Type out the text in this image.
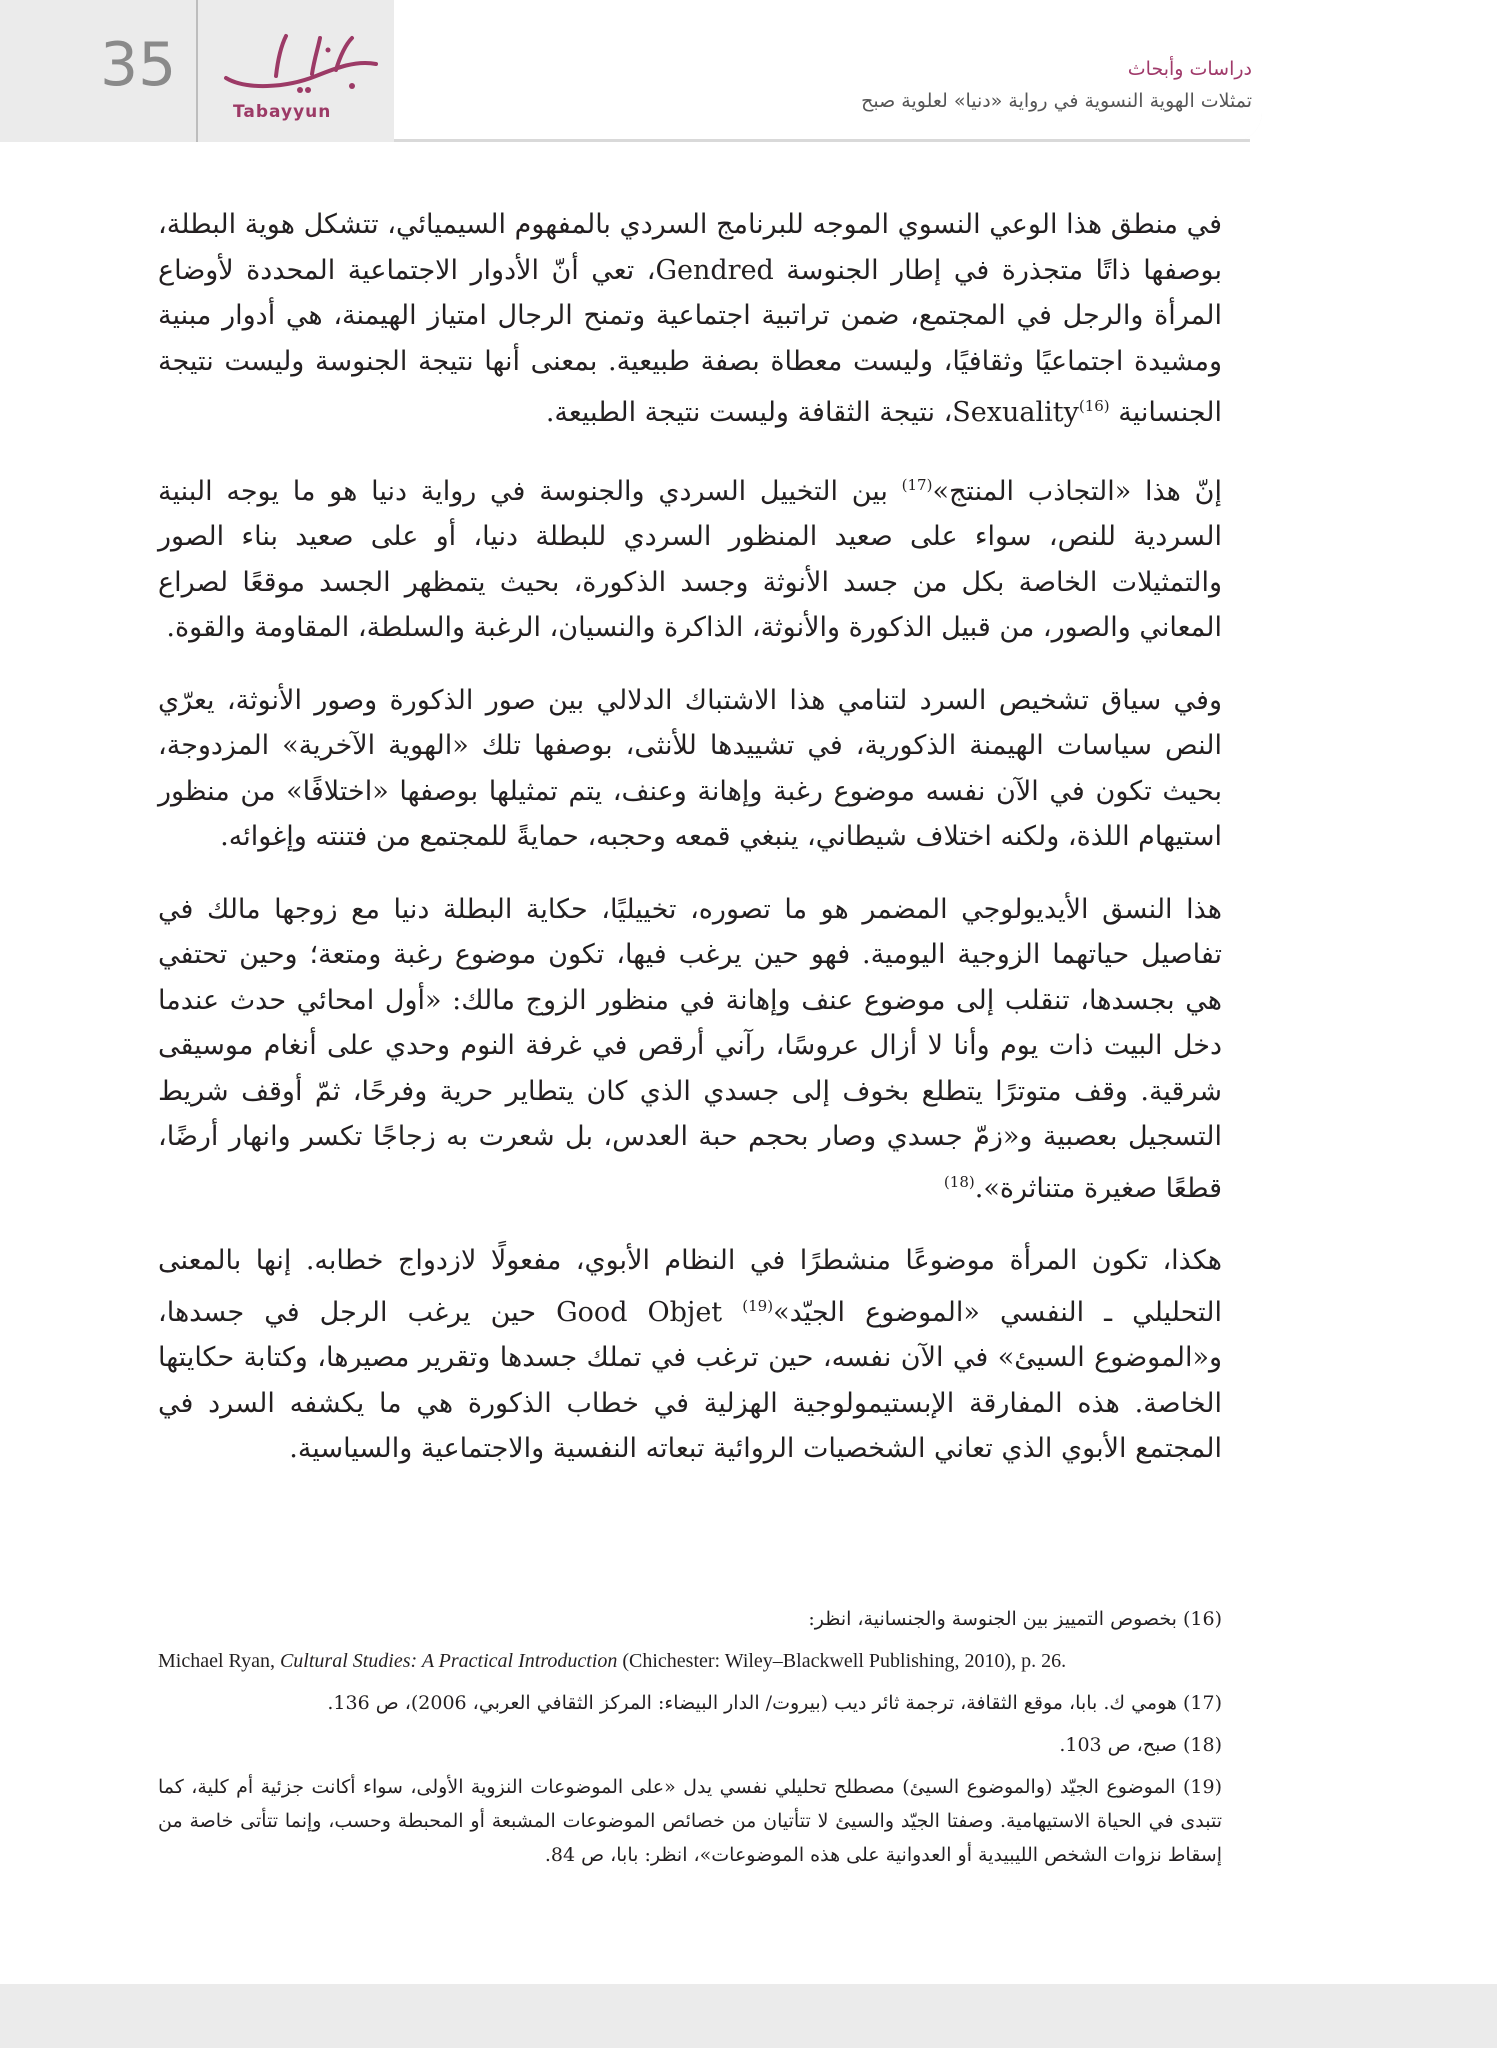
35
Tabayyun
دراسات وأبحاث
تمثلات الهوية النسوية في رواية «دنيا» لعلوية صبح

في منطق هذا الوعي النسوي الموجه للبرنامج السردي بالمفهوم السيميائي، تتشكل هوية البطلة، بوصفها ذاتًا متجذرة في إطار الجنوسة Gendred، تعي أنّ الأدوار الاجتماعية المحددة لأوضاع المرأة والرجل في المجتمع، ضمن تراتبية اجتماعية وتمنح الرجال امتياز الهيمنة، هي أدوار مبنية ومشيدة اجتماعيًا وثقافيًا، وليست معطاة بصفة طبيعية. بمعنى أنها نتيجة الجنوسة وليست نتيجة الجنسانية Sexuality$^{(16)}$، نتيجة الثقافة وليست نتيجة الطبيعة.

إنّ هذا «التجاذب المنتج»$^{(17)}$ بين التخييل السردي والجنوسة في رواية دنيا هو ما يوجه البنية السردية للنص، سواء على صعيد المنظور السردي للبطلة دنيا، أو على صعيد بناء الصور والتمثيلات الخاصة بكل من جسد الأنوثة وجسد الذكورة، بحيث يتمظهر الجسد موقعًا لصراع المعاني والصور، من قبيل الذكورة والأنوثة، الذاكرة والنسيان، الرغبة والسلطة، المقاومة والقوة.

وفي سياق تشخيص السرد لتنامي هذا الاشتباك الدلالي بين صور الذكورة وصور الأنوثة، يعرّي النص سياسات الهيمنة الذكورية، في تشييدها للأنثى، بوصفها تلك «الهوية الآخرية» المزدوجة، بحيث تكون في الآن نفسه موضوع رغبة وإهانة وعنف، يتم تمثيلها بوصفها «اختلافًا» من منظور استيهام اللذة، ولكنه اختلاف شيطاني، ينبغي قمعه وحجبه، حمايةً للمجتمع من فتنته وإغوائه.

هذا النسق الأيديولوجي المضمر هو ما تصوره، تخييليًا، حكاية البطلة دنيا مع زوجها مالك في تفاصيل حياتهما الزوجية اليومية. فهو حين يرغب فيها، تكون موضوع رغبة ومتعة؛ وحين تحتفي هي بجسدها، تنقلب إلى موضوع عنف وإهانة في منظور الزوج مالك: «أول امحائي حدث عندما دخل البيت ذات يوم وأنا لا أزال عروسًا، رآني أرقص في غرفة النوم وحدي على أنغام موسيقى شرقية. وقف متوترًا يتطلع بخوف إلى جسدي الذي كان يتطاير حرية وفرحًا، ثمّ أوقف شريط التسجيل بعصبية و«زمّ جسدي وصار بحجم حبة العدس، بل شعرت به زجاجًا تكسر وانهار أرضًا، قطعًا صغيرة متناثرة».$^{(18)}$

هكذا، تكون المرأة موضوعًا منشطرًا في النظام الأبوي، مفعولًا لازدواج خطابه. إنها بالمعنى التحليلي ـ النفسي «الموضوع الجيّد»$^{(19)}$ Good Objet حين يرغب الرجل في جسدها، و«الموضوع السيئ» في الآن نفسه، حين ترغب في تملك جسدها وتقرير مصيرها، وكتابة حكايتها الخاصة. هذه المفارقة الإبستيمولوجية الهزلية في خطاب الذكورة هي ما يكشفه السرد في المجتمع الأبوي الذي تعاني الشخصيات الروائية تبعاته النفسية والاجتماعية والسياسية.

(16) بخصوص التمييز بين الجنوسة والجنسانية، انظر:
Michael Ryan, Cultural Studies: A Practical Introduction (Chichester: Wiley–Blackwell Publishing, 2010), p. 26.
(17) هومي ك. بابا، موقع الثقافة، ترجمة ثائر ديب (بيروت/ الدار البيضاء: المركز الثقافي العربي، 2006)، ص 136.
(18) صبح، ص 103.
(19) الموضوع الجيّد (والموضوع السيئ) مصطلح تحليلي نفسي يدل «على الموضوعات النزوية الأولى، سواء أكانت جزئية أم كلية، كما تتبدى في الحياة الاستيهامية. وصفتا الجيّد والسيئ لا تتأتيان من خصائص الموضوعات المشبعة أو المحبطة وحسب، وإنما تتأتى خاصة من إسقاط نزوات الشخص الليبيدية أو العدوانية على هذه الموضوعات»، انظر: بابا، ص 84.
